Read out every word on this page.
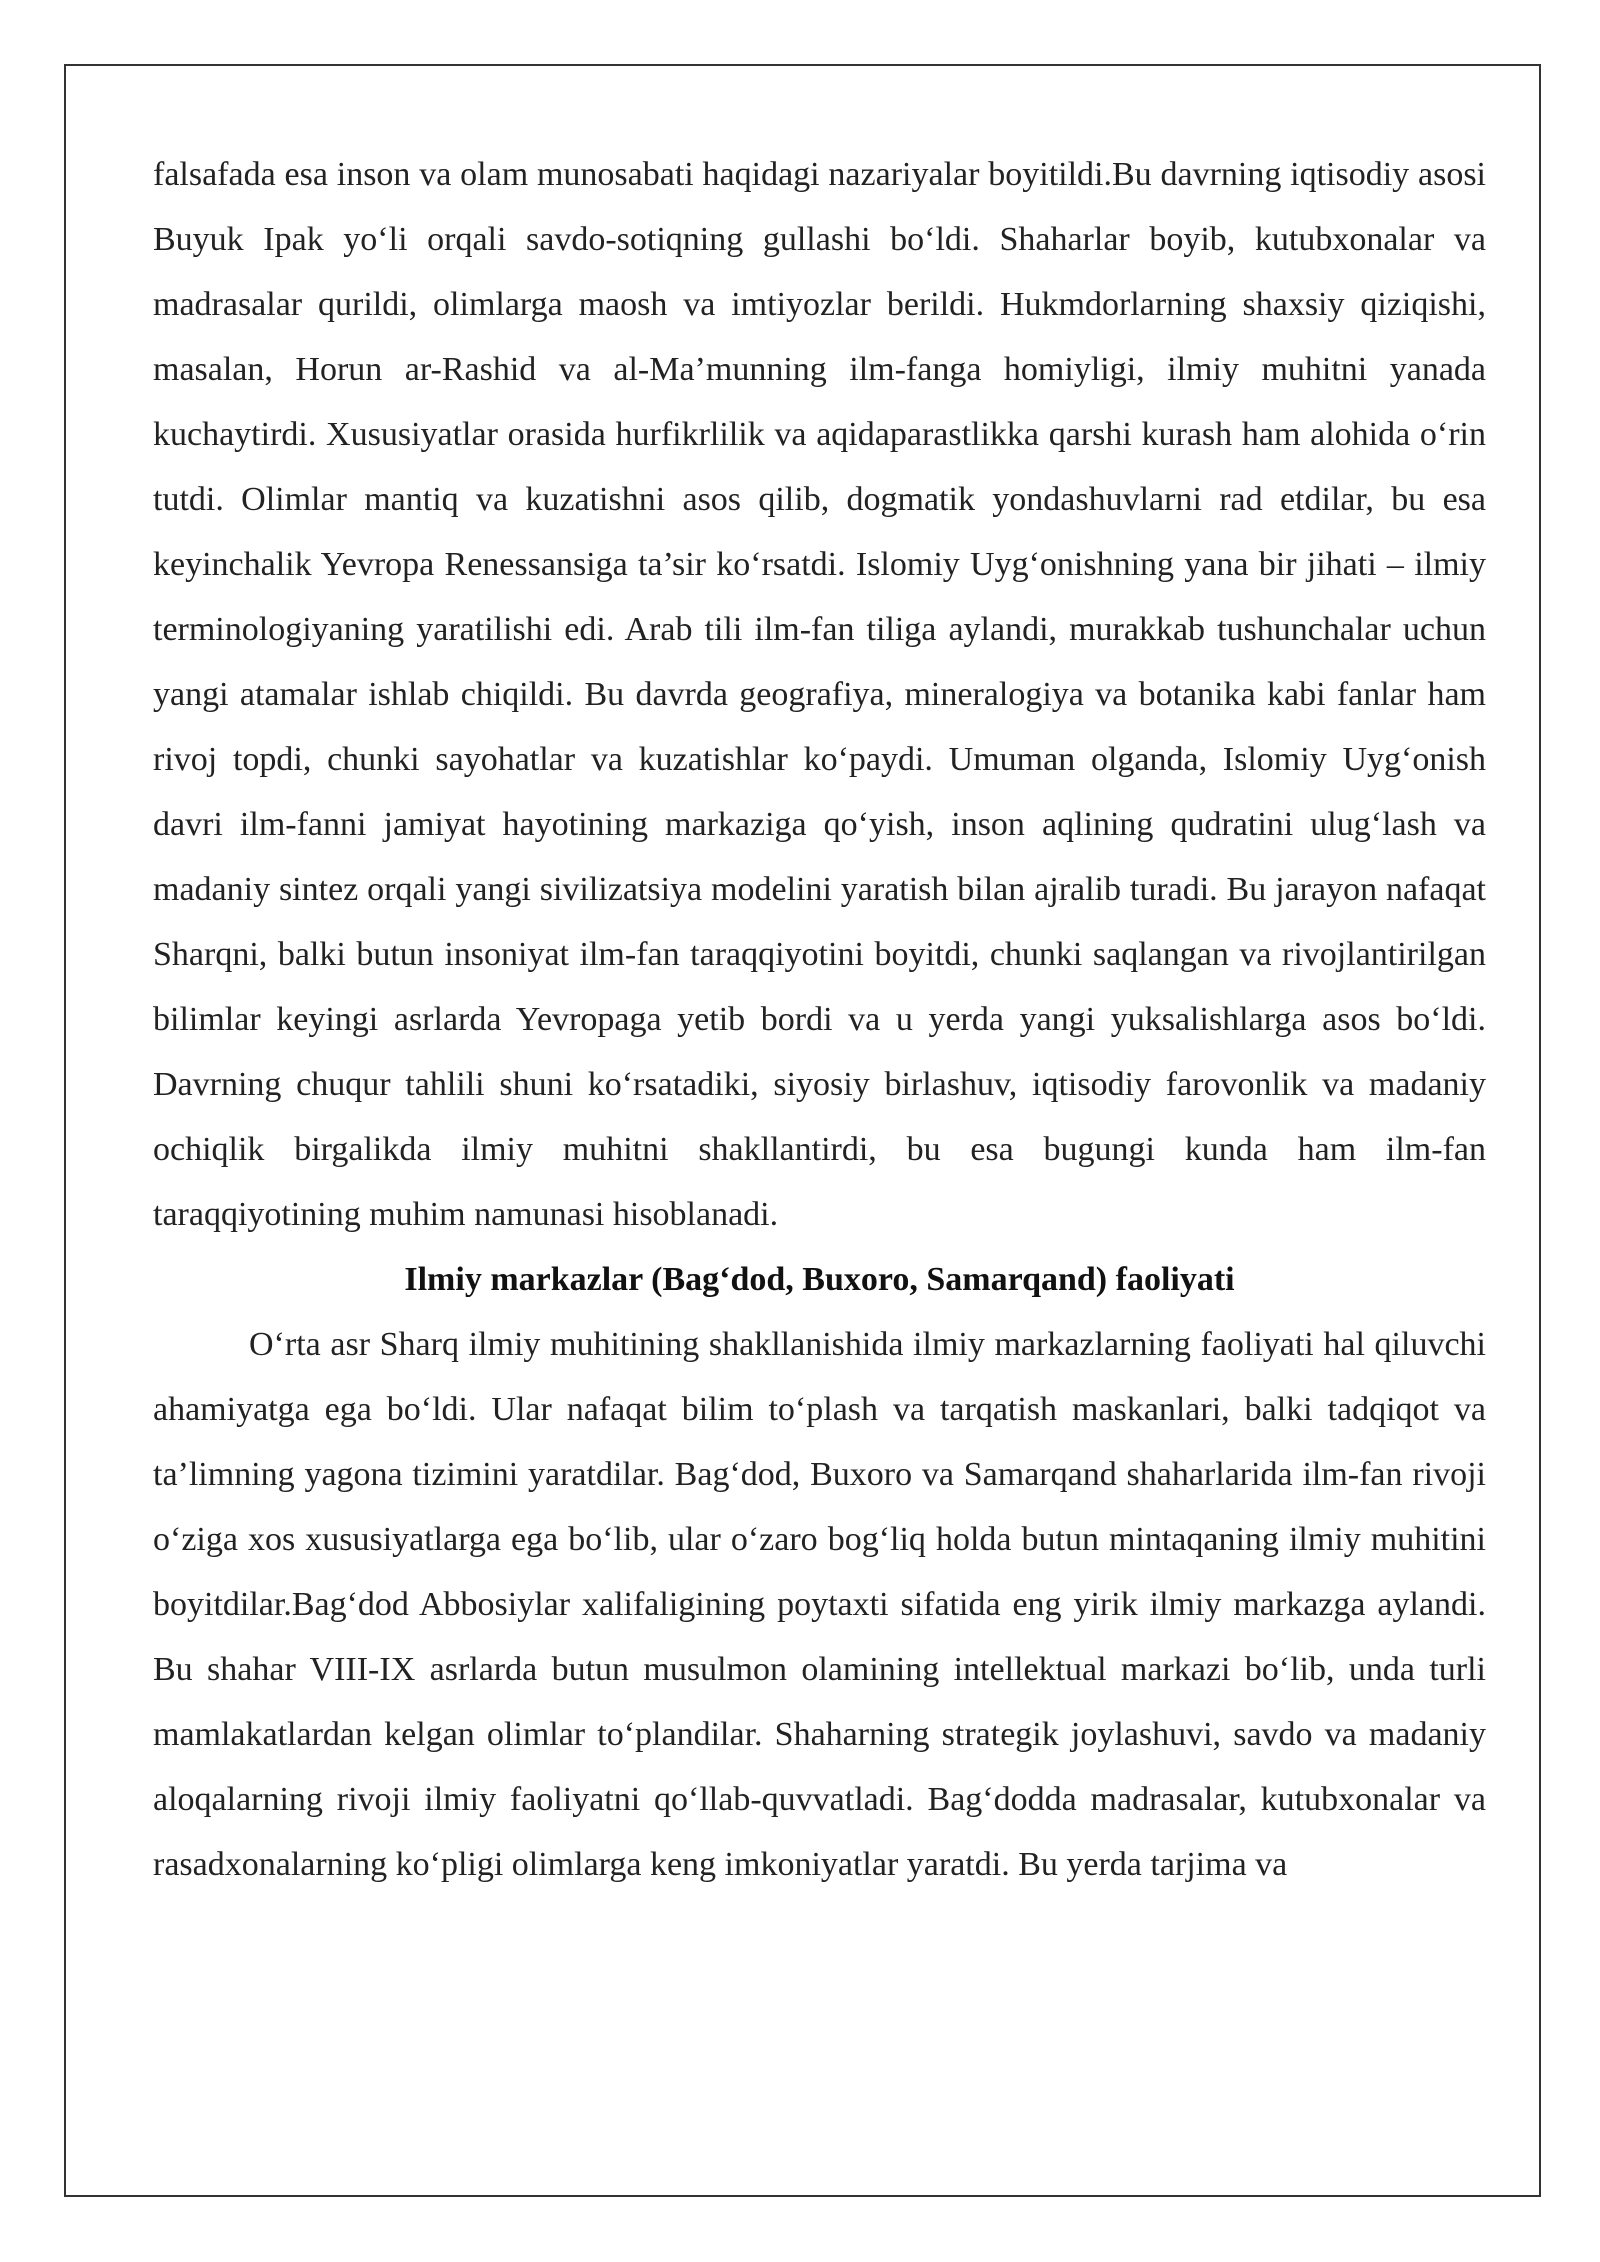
falsafada esa inson va olam munosabati haqidagi nazariyalar boyitildi.Bu davrning iqtisodiy asosi Buyuk Ipak yo‘li orqali savdo-sotiqning gullashi bo‘ldi. Shaharlar boyib, kutubxonalar va madrasalar qurildi, olimlarga maosh va imtiyozlar berildi. Hukmdorlarning shaxsiy qiziqishi, masalan, Horun ar-Rashid va al-Ma’munning ilm-fanga homiyligi, ilmiy muhitni yanada kuchaytirdi. Xususiyatlar orasida hurfikrlilik va aqidaparastlikka qarshi kurash ham alohida o‘rin tutdi. Olimlar mantiq va kuzatishni asos qilib, dogmatik yondashuvlarni rad etdilar, bu esa keyinchalik Yevropa Renessansiga ta’sir ko‘rsatdi. Islomiy Uyg‘onishning yana bir jihati – ilmiy terminologiyaning yaratilishi edi. Arab tili ilm-fan tiliga aylandi, murakkab tushunchalar uchun yangi atamalar ishlab chiqildi. Bu davrda geografiya, mineralogiya va botanika kabi fanlar ham rivoj topdi, chunki sayohatlar va kuzatishlar ko‘paydi. Umuman olganda, Islomiy Uyg‘onish davri ilm-fanni jamiyat hayotining markaziga qo‘yish, inson aqlining qudratini ulug‘lash va madaniy sintez orqali yangi sivilizatsiya modelini yaratish bilan ajralib turadi. Bu jarayon nafaqat Sharqni, balki butun insoniyat ilm-fan taraqqiyotini boyitdi, chunki saqlangan va rivojlantirilgan bilimlar keyingi asrlarda Yevropaga yetib bordi va u yerda yangi yuksalishlarga asos bo‘ldi. Davrning chuqur tahlili shuni ko‘rsatadiki, siyosiy birlashuv, iqtisodiy farovonlik va madaniy ochiqlik birgalikda ilmiy muhitni shakllantirdi, bu esa bugungi kunda ham ilm-fan taraqqiyotining muhim namunasi hisoblanadi.

Ilmiy markazlar (Bag‘dod, Buxoro, Samarqand) faoliyati

O‘rta asr Sharq ilmiy muhitining shakllanishida ilmiy markazlarning faoliyati hal qiluvchi ahamiyatga ega bo‘ldi. Ular nafaqat bilim to‘plash va tarqatish maskanlari, balki tadqiqot va ta’limning yagona tizimini yaratdilar. Bag‘dod, Buxoro va Samarqand shaharlarida ilm-fan rivoji o‘ziga xos xususiyatlarga ega bo‘lib, ular o‘zaro bog‘liq holda butun mintaqaning ilmiy muhitini boyitdilar.Bag‘dod Abbosiylar xalifaligining poytaxti sifatida eng yirik ilmiy markazga aylandi. Bu shahar VIII-IX asrlarda butun musulmon olamining intellektual markazi bo‘lib, unda turli mamlakatlardan kelgan olimlar to‘plandilar. Shaharning strategik joylashuvi, savdo va madaniy aloqalarning rivoji ilmiy faoliyatni qo‘llab-quvvatladi. Bag‘dodda madrasalar, kutubxonalar va rasadxonalarning ko‘pligi olimlarga keng imkoniyatlar yaratdi. Bu yerda tarjima va
